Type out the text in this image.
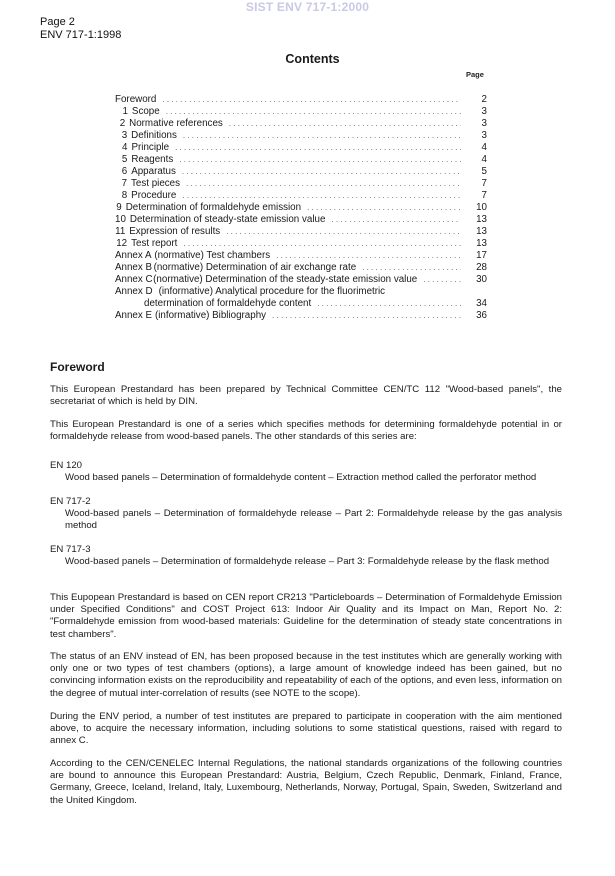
SIST ENV 717-1:2000
Page 2
ENV 717-1:1998
Contents
Page
Foreword . . .	2
1 Scope . . .	3
2 Normative references . . .	3
3 Definitions . . .	3
4 Principle . . .	4
5 Reagents . . .	4
6 Apparatus . . .	5
7 Test pieces . . .	7
8 Procedure . . .	7
9 Determination of formaldehyde emission . . .	10
10 Determination of steady-state emission value . . .	13
11 Expression of results . . .	13
12 Test report . . .	13
Annex A (normative) Test chambers . . .	17
Annex B (normative) Determination of air exchange rate . . .	28
Annex C (normative) Determination of the steady-state emission value . . .	30
Annex D (informative) Analytical procedure for the fluorimetric
determination of formaldehyde content . . .	34
Annex E (informative) Bibliography . . .	36
Foreword

This European Prestandard has been prepared by Technical Committee CEN/TC 112 "Wood-based panels", the secretariat of which is held by DIN.

This European Prestandard is one of a series which specifies methods for determining formaldehyde potential in or formaldehyde release from wood-based panels. The other standards of this series are:

EN 120

Wood based panels – Determination of formaldehyde content – Extraction method called the perforator method

EN 717-2

Wood-based panels – Determination of formaldehyde release – Part 2: Formaldehyde release by the gas analysis method

EN 717-3

Wood-based panels – Determination of formaldehyde release – Part 3: Formaldehyde release by the flask method

This Eupopean Prestandard is based on CEN report CR213 "Particleboards – Determination of Formaldehyde Emission under Specified Conditions" and COST Project 613: Indoor Air Quality and its Impact on Man, Report No. 2: "Formaldehyde emission from wood-based materials: Guideline for the determination of steady state concentrations in test chambers".

The status of an ENV instead of EN, has been proposed because in the test institutes which are generally working with only one or two types of test chambers (options), a large amount of knowledge indeed has been gained, but no convincing information exists on the reproducibility and repeatability of each of the options, and even less, information on the degree of mutual inter-correlation of results (see NOTE to the scope).

During the ENV period, a number of test institutes are prepared to participate in cooperation with the aim mentioned above, to acquire the necessary information, including solutions to some statistical questions, raised with regard to annex C.

According to the CEN/CENELEC Internal Regulations, the national standards organizations of the following countries are bound to announce this European Prestandard: Austria, Belgium, Czech Republic, Denmark, Finland, France, Germany, Greece, Iceland, Ireland, Italy, Luxembourg, Netherlands, Norway, Portugal, Spain, Sweden, Switzerland and the United Kingdom.
